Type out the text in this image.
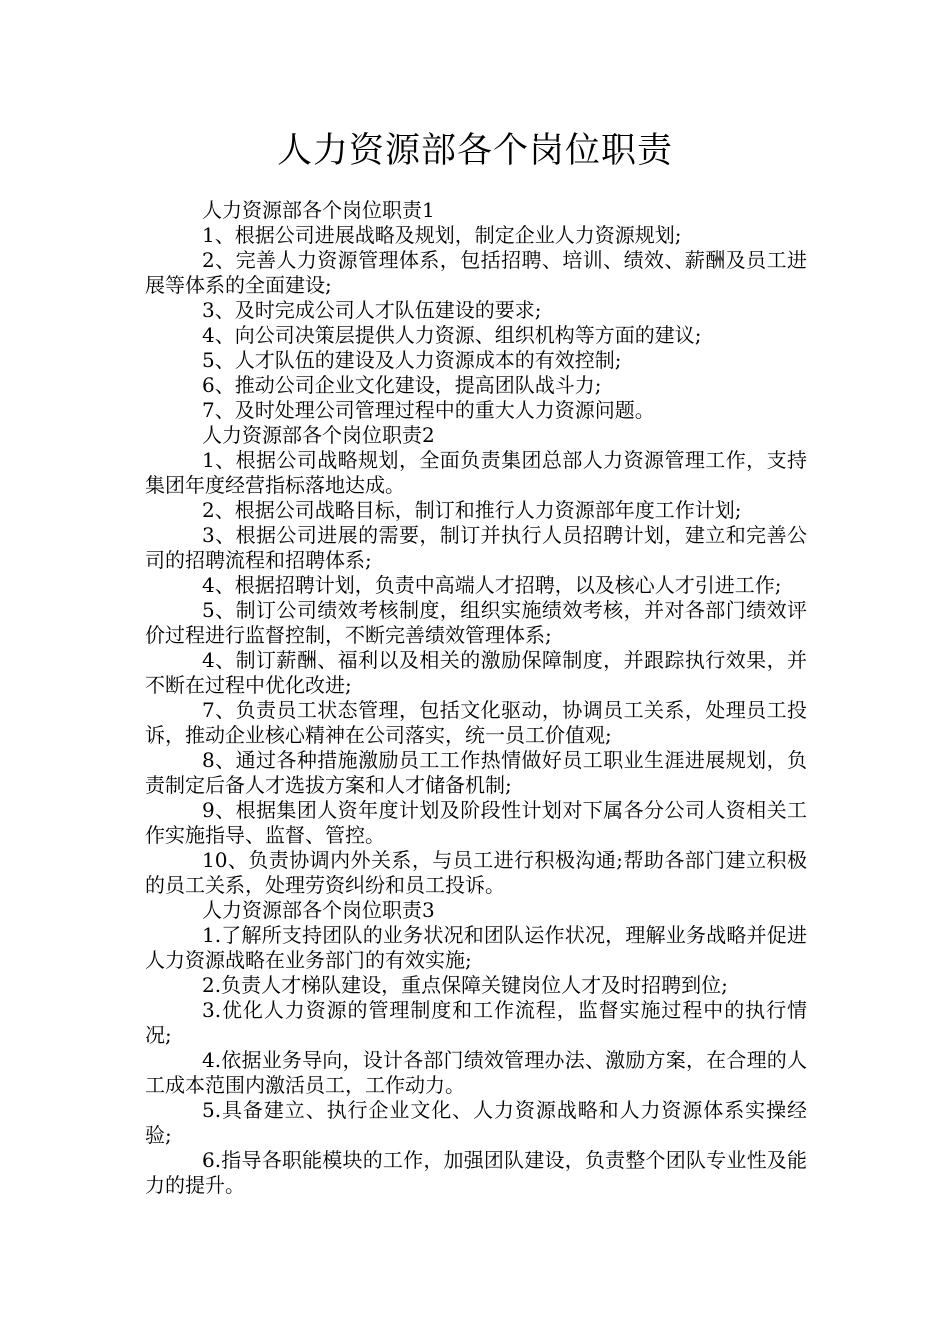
人力资源部各个岗位职责

人力资源部各个岗位职责1

1、根据公司进展战略及规划，制定企业人力资源规划;

2、完善人力资源管理体系，包括招聘、培训、绩效、薪酬及员工进展等体系的全面建设;

3、及时完成公司人才队伍建设的要求;

4、向公司决策层提供人力资源、组织机构等方面的建议;

5、人才队伍的建设及人力资源成本的有效控制;

6、推动公司企业文化建设，提高团队战斗力;

7、及时处理公司管理过程中的重大人力资源问题。

人力资源部各个岗位职责2

1、根据公司战略规划，全面负责集团总部人力资源管理工作，支持集团年度经营指标落地达成。

2、根据公司战略目标，制订和推行人力资源部年度工作计划;

3、根据公司进展的需要，制订并执行人员招聘计划，建立和完善公司的招聘流程和招聘体系;

4、根据招聘计划，负责中高端人才招聘，以及核心人才引进工作;

5、制订公司绩效考核制度，组织实施绩效考核，并对各部门绩效评价过程进行监督控制，不断完善绩效管理体系;

4、制订薪酬、福利以及相关的激励保障制度，并跟踪执行效果，并不断在过程中优化改进;

7、负责员工状态管理，包括文化驱动，协调员工关系，处理员工投诉，推动企业核心精神在公司落实，统一员工价值观;

8、通过各种措施激励员工工作热情做好员工职业生涯进展规划，负责制定后备人才选拔方案和人才储备机制;

9、根据集团人资年度计划及阶段性计划对下属各分公司人资相关工作实施指导、监督、管控。

10、负责协调内外关系，与员工进行积极沟通;帮助各部门建立积极的员工关系，处理劳资纠纷和员工投诉。

人力资源部各个岗位职责3

1.了解所支持团队的业务状况和团队运作状况，理解业务战略并促进人力资源战略在业务部门的有效实施;

2.负责人才梯队建设，重点保障关键岗位人才及时招聘到位;

3.优化人力资源的管理制度和工作流程，监督实施过程中的执行情况;

4.依据业务导向，设计各部门绩效管理办法、激励方案，在合理的人工成本范围内激活员工，工作动力。

5.具备建立、执行企业文化、人力资源战略和人力资源体系实操经验;

6.指导各职能模块的工作，加强团队建设，负责整个团队专业性及能力的提升。
